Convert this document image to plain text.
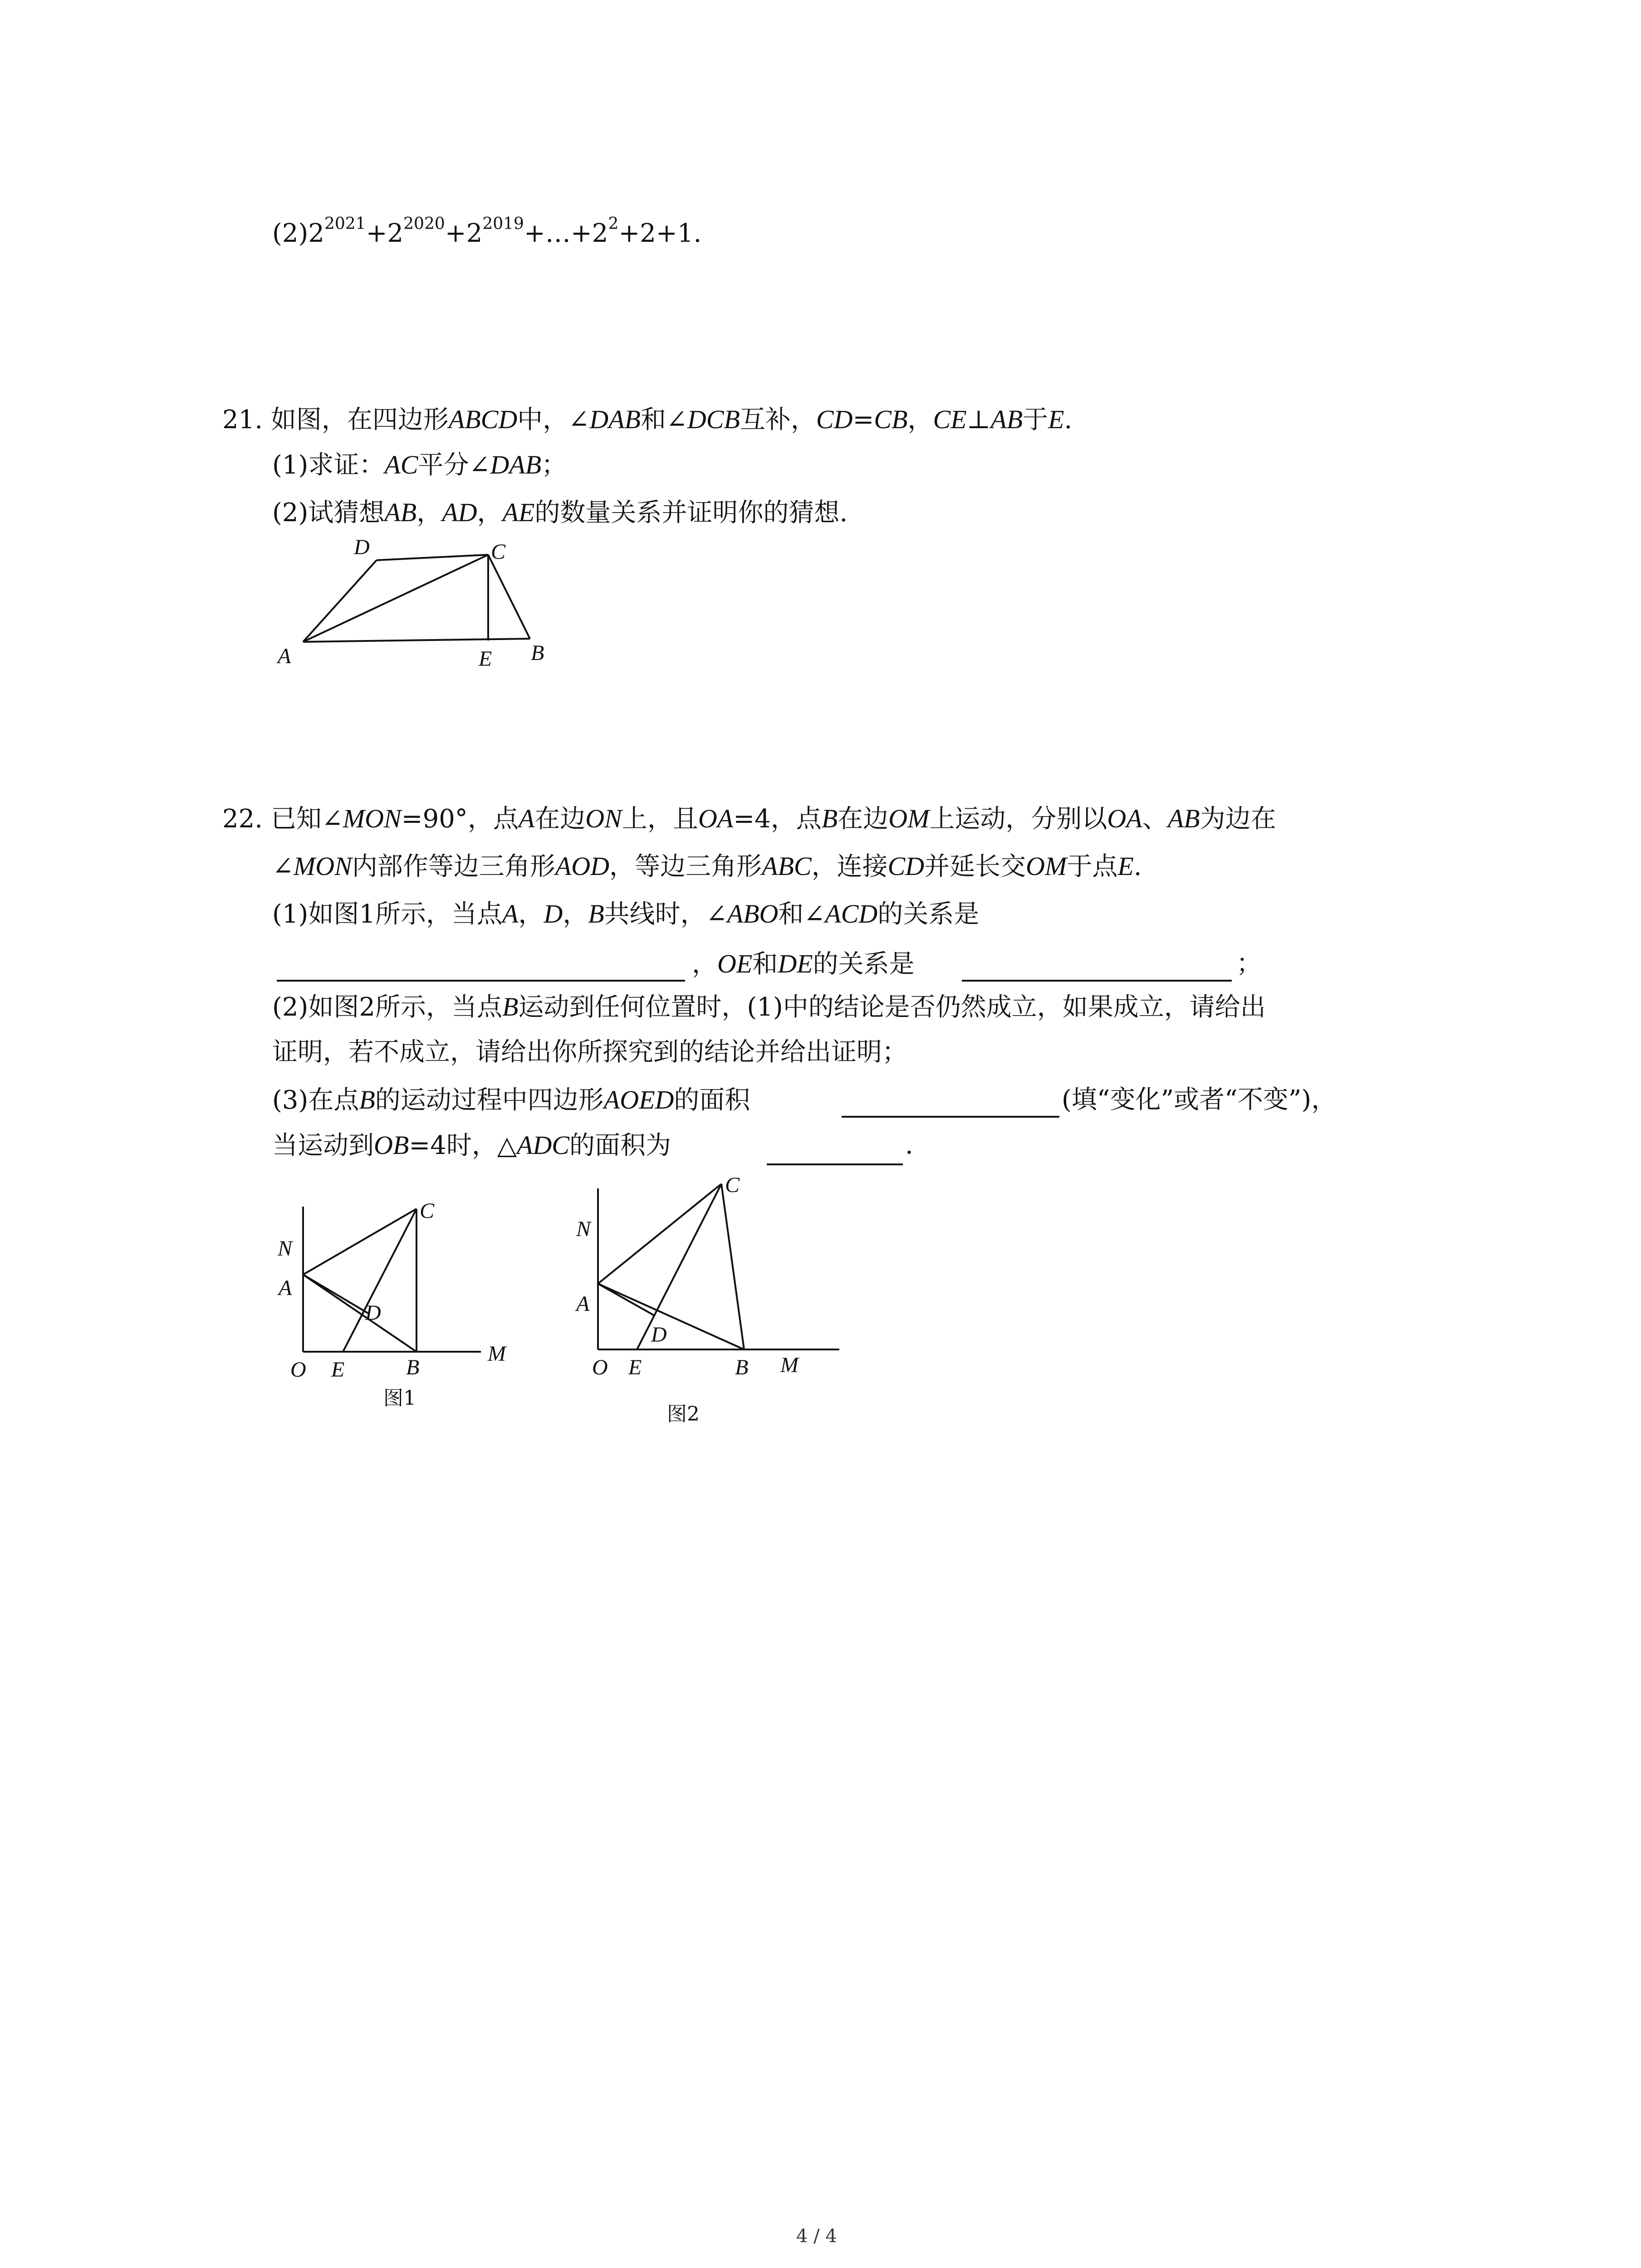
$(2)2^{2021}+2^{2020}+2^{2019}+\dots+2^2+2+1$.
21. 如图，在四边形ABCD中，∠DAB和∠DCB互补，CD=CB，CE⊥AB于E.
(1)求证：AC平分∠DAB；
(2)试猜想AB，AD，AE的数量关系并证明你的猜想.
A	B
C
D
E
22. 已知∠MON=90°，点A在边ON上，且OA=4，点B在边OM上运动，分别以OA、AB为边在
∠MON内部作等边三角形AOD，等边三角形ABC，连接CD并延长交OM于点E.
(1)如图1所示，当点A，D，B共线时，∠ABO和∠ACD的关系是
，OE和DE的关系是	；
(2)如图2所示，当点B运动到任何位置时，(1)中的结论是否仍然成立，如果成立，请给出
证明，若不成立，请给出你所探究到的结论并给出证明；
(3)在点B的运动过程中四边形AOED的面积	(填“变化”或者“不变”)，
当运动到OB=4时，△ADC的面积为	.
N
A
C
D
O E	B
M
N
A
C
D
O E	B M
图1
图2
4 / 4
